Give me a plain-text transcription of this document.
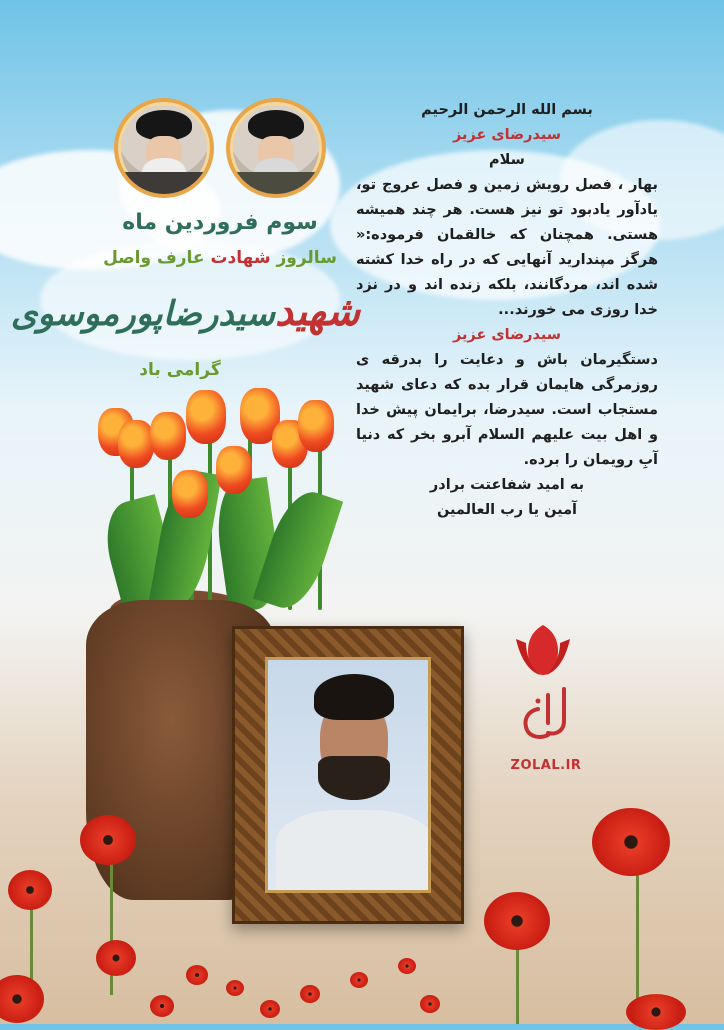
سوم فروردین ماه
سالروز شهادت عارف واصل
شهیدسیدرضاپورموسوی
گرامی باد

بسم الله الرحمن الرحیم

سیدرضای عزیز

سلام

بهار ، فصل رویش زمین و فصل عروج تو، یادآور یادبود تو نیز هست. هر چند همیشه هستی. همچنان که خالقمان فرموده:« هرگز مپندارید آنهایی که در راه خدا کشته شده اند، مردگانند، بلکه زنده اند و در نزد خدا روزی می خورند...

سیدرضای عزیز

دستگیرمان باش و دعایت را بدرقه ی روزمرگی هایمان قرار بده که دعای شهید مستجاب است. سیدرضا، برایمان پیش خدا و اهل بیت علیهم السلام آبرو بخر که دنیا آبِ رویمان را برده.

به امید شفاعتت برادر

آمین یا رب العالمین

ZOLAL.IR
